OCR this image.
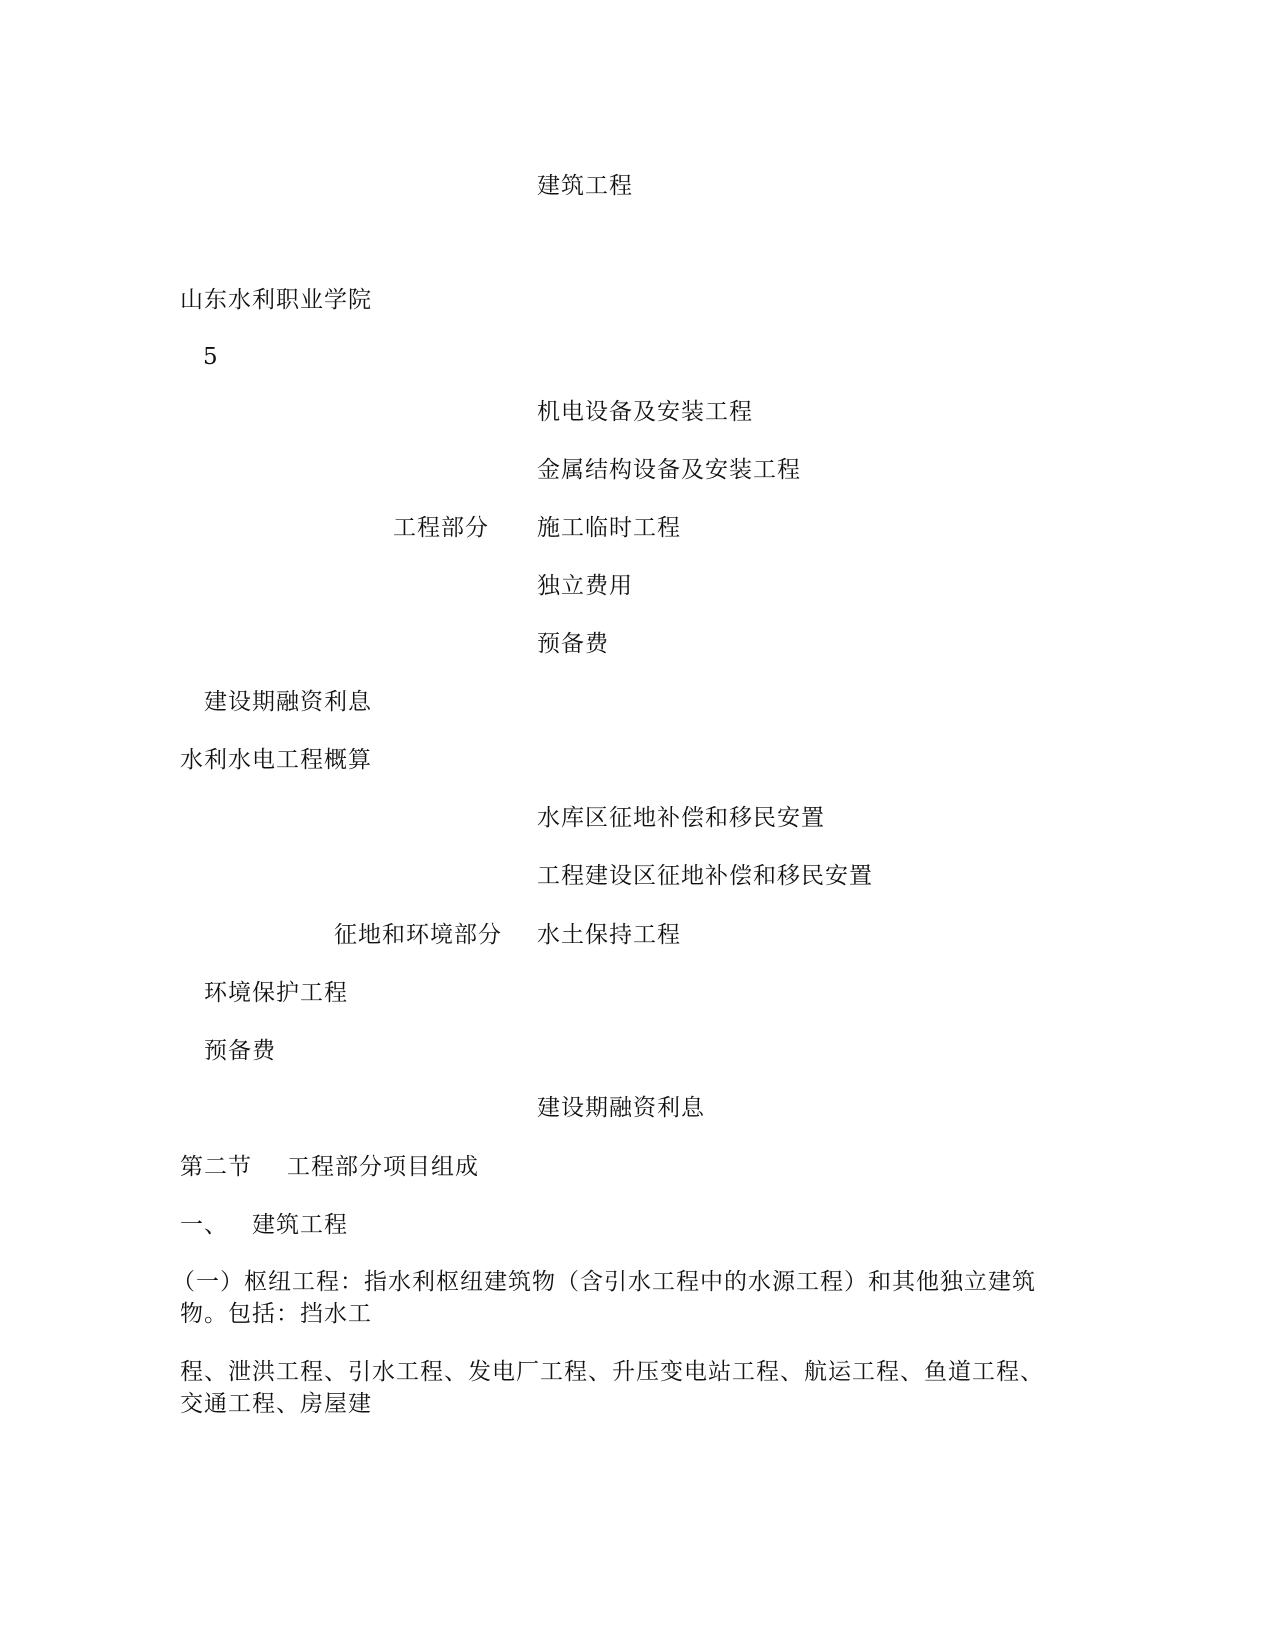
建筑工程
山东水利职业学院
5
机电设备及安装工程
金属结构设备及安装工程
工程部分 施工临时工程
独立费用
预备费
建设期融资利息
水利水电工程概算
水库区征地补偿和移民安置
工程建设区征地补偿和移民安置
征地和环境部分 水土保持工程
环境保护工程
预备费
建设期融资利息
第二节 工程部分项目组成
一、 建筑工程
（一）枢纽工程：指水利枢纽建筑物（含引水工程中的水源工程）和其他独立建筑
物。包括：挡水工
程、泄洪工程、引水工程、发电厂工程、升压变电站工程、航运工程、鱼道工程、
交通工程、房屋建
